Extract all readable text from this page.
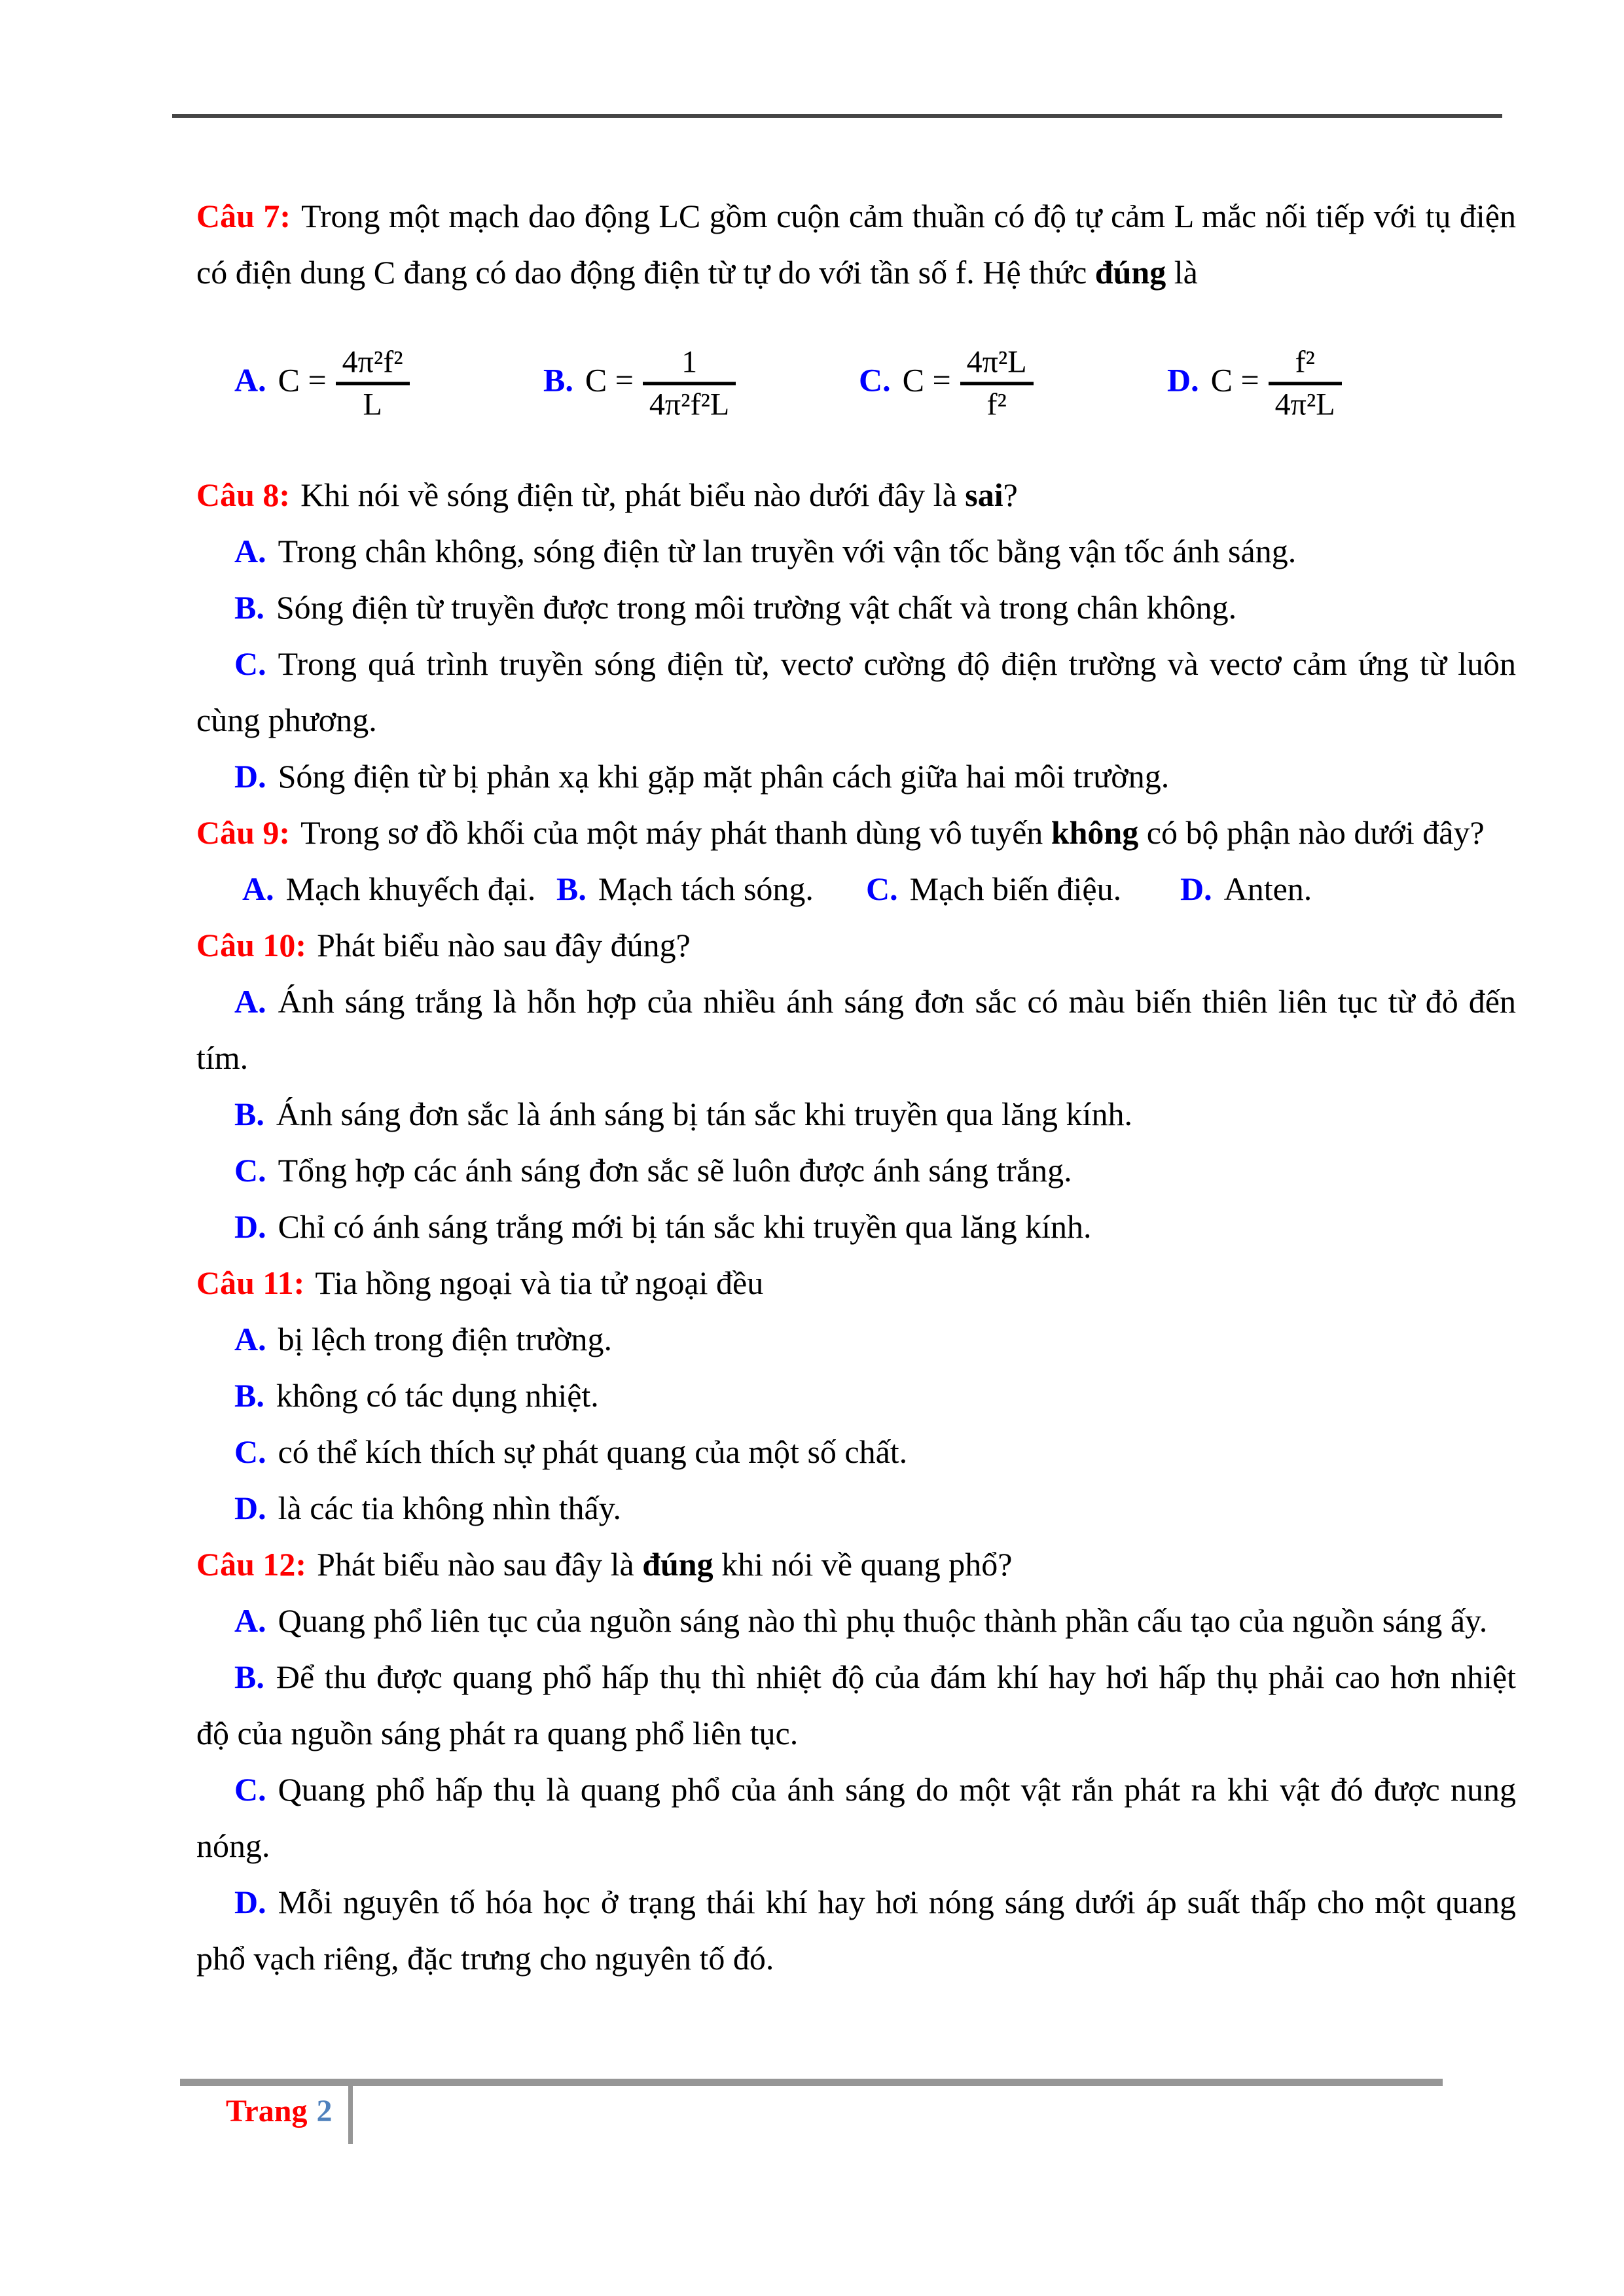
Câu 7: Trong một mạch dao động LC gồm cuộn cảm thuần có độ tự cảm L mắc nối tiếp với tụ điện có điện dung C đang có dao động điện từ tự do với tần số f. Hệ thức đúng là

A. $C = \frac{\text{4π²f²}}{L}$	B. $C = \frac{1}{\text{4π²f²L}}$	C. $C = \frac{\text{4π²L}}{\text{f²}}$	D. $C = \frac{\text{f²}}{\text{4π²L}}$

Câu 8: Khi nói về sóng điện từ, phát biểu nào dưới đây là sai?

A. Trong chân không, sóng điện từ lan truyền với vận tốc bằng vận tốc ánh sáng.

B. Sóng điện từ truyền được trong môi trường vật chất và trong chân không.

C. Trong quá trình truyền sóng điện từ, vectơ cường độ điện trường và vectơ cảm ứng từ luôn cùng phương.

D. Sóng điện từ bị phản xạ khi gặp mặt phân cách giữa hai môi trường.

Câu 9: Trong sơ đồ khối của một máy phát thanh dùng vô tuyến không có bộ phận nào dưới đây?

A. Mạch khuyếch đại. B. Mạch tách sóng. C. Mạch biến điệu. D. Anten.

Câu 10: Phát biểu nào sau đây đúng?

A. Ánh sáng trắng là hỗn hợp của nhiều ánh sáng đơn sắc có màu biến thiên liên tục từ đỏ đến tím.

B. Ánh sáng đơn sắc là ánh sáng bị tán sắc khi truyền qua lăng kính.

C. Tổng hợp các ánh sáng đơn sắc sẽ luôn được ánh sáng trắng.

D. Chỉ có ánh sáng trắng mới bị tán sắc khi truyền qua lăng kính.

Câu 11: Tia hồng ngoại và tia tử ngoại đều

A. bị lệch trong điện trường.

B. không có tác dụng nhiệt.

C. có thể kích thích sự phát quang của một số chất.

D. là các tia không nhìn thấy.

Câu 12: Phát biểu nào sau đây là đúng khi nói về quang phổ?

A. Quang phổ liên tục của nguồn sáng nào thì phụ thuộc thành phần cấu tạo của nguồn sáng ấy.

B. Để thu được quang phổ hấp thụ thì nhiệt độ của đám khí hay hơi hấp thụ phải cao hơn nhiệt độ của nguồn sáng phát ra quang phổ liên tục.

C. Quang phổ hấp thụ là quang phổ của ánh sáng do một vật rắn phát ra khi vật đó được nung nóng.

D. Mỗi nguyên tố hóa học ở trạng thái khí hay hơi nóng sáng dưới áp suất thấp cho một quang phổ vạch riêng, đặc trưng cho nguyên tố đó.

Trang 2
